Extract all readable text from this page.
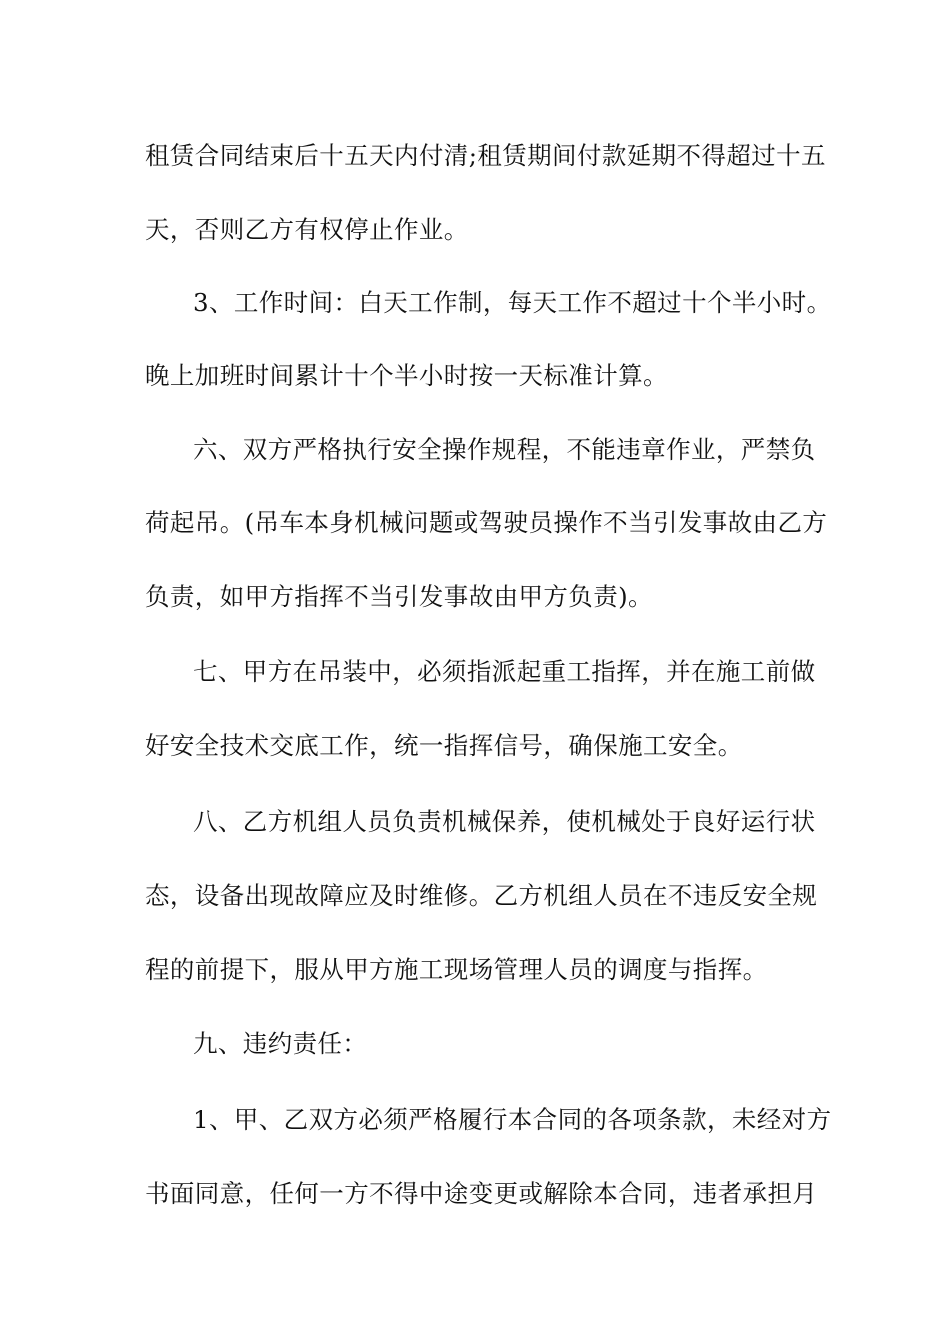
租赁合同结束后十五天内付清;租赁期间付款延期不得超过十五
天，否则乙方有权停止作业。
3、工作时间：白天工作制，每天工作不超过十个半小时。
晚上加班时间累计十个半小时按一天标准计算。
六、双方严格执行安全操作规程，不能违章作业，严禁负
荷起吊。(吊车本身机械问题或驾驶员操作不当引发事故由乙方
负责，如甲方指挥不当引发事故由甲方负责)。
七、甲方在吊装中，必须指派起重工指挥，并在施工前做
好安全技术交底工作，统一指挥信号，确保施工安全。
八、乙方机组人员负责机械保养，使机械处于良好运行状
态，设备出现故障应及时维修。乙方机组人员在不违反安全规
程的前提下，服从甲方施工现场管理人员的调度与指挥。
九、违约责任：
1、甲、乙双方必须严格履行本合同的各项条款，未经对方
书面同意，任何一方不得中途变更或解除本合同，违者承担月
